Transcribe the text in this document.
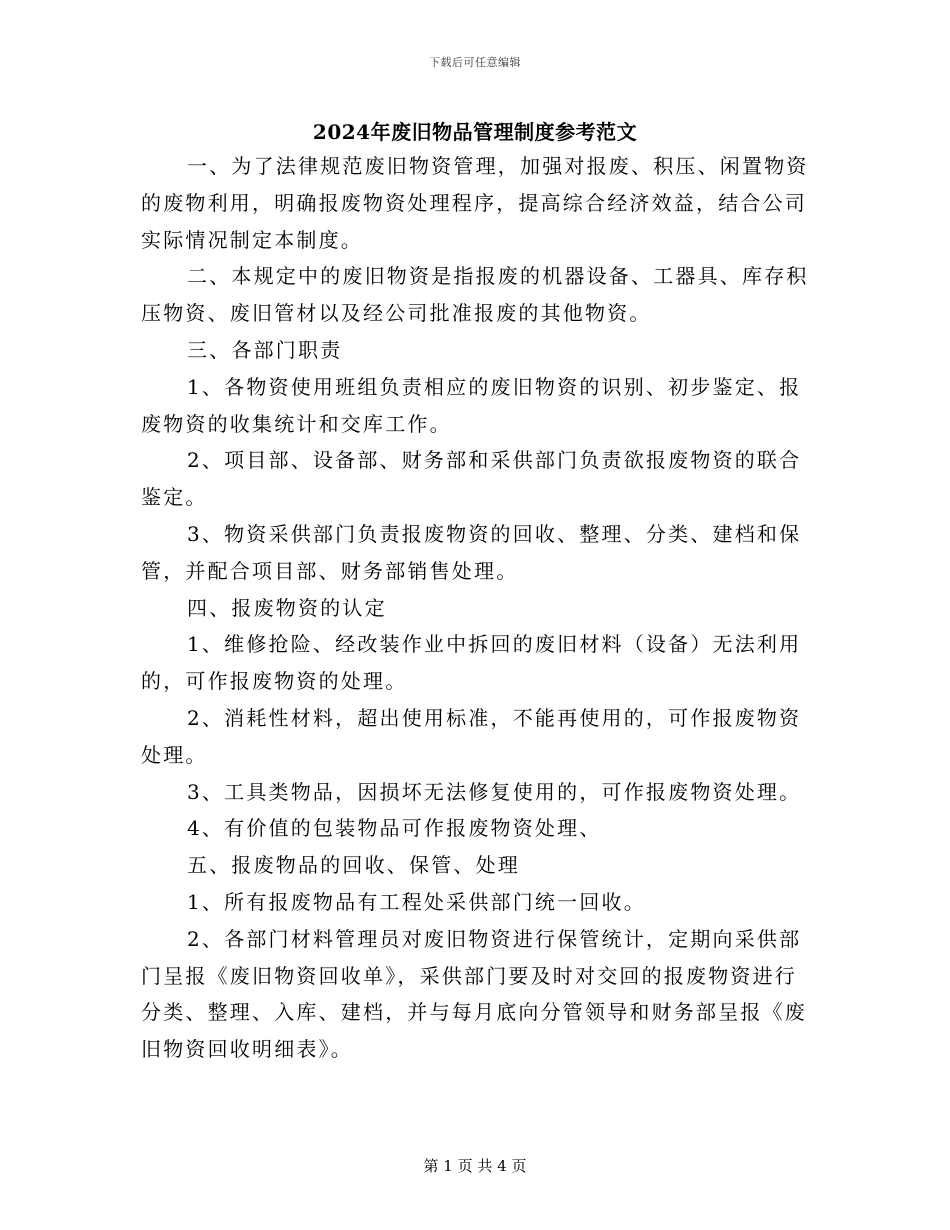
下载后可任意编辑
2024年废旧物品管理制度参考范文

一、为了法律规范废旧物资管理，加强对报废、积压、闲置物资的废物利用，明确报废物资处理程序，提高综合经济效益，结合公司实际情况制定本制度。

二、本规定中的废旧物资是指报废的机器设备、工器具、库存积压物资、废旧管材以及经公司批准报废的其他物资。

三、各部门职责

1、各物资使用班组负责相应的废旧物资的识别、初步鉴定、报废物资的收集统计和交库工作。

2、项目部、设备部、财务部和采供部门负责欲报废物资的联合鉴定。

3、物资采供部门负责报废物资的回收、整理、分类、建档和保管，并配合项目部、财务部销售处理。

四、报废物资的认定

1、维修抢险、经改装作业中拆回的废旧材料（设备）无法利用的，可作报废物资的处理。

2、消耗性材料，超出使用标准，不能再使用的，可作报废物资处理。

3、工具类物品，因损坏无法修复使用的，可作报废物资处理。

4、有价值的包装物品可作报废物资处理、

五、报废物品的回收、保管、处理

1、所有报废物品有工程处采供部门统一回收。

2、各部门材料管理员对废旧物资进行保管统计，定期向采供部门呈报《废旧物资回收单》，采供部门要及时对交回的报废物资进行分类、整理、入库、建档，并与每月底向分管领导和财务部呈报《废旧物资回收明细表》。

第 1 页 共 4 页
